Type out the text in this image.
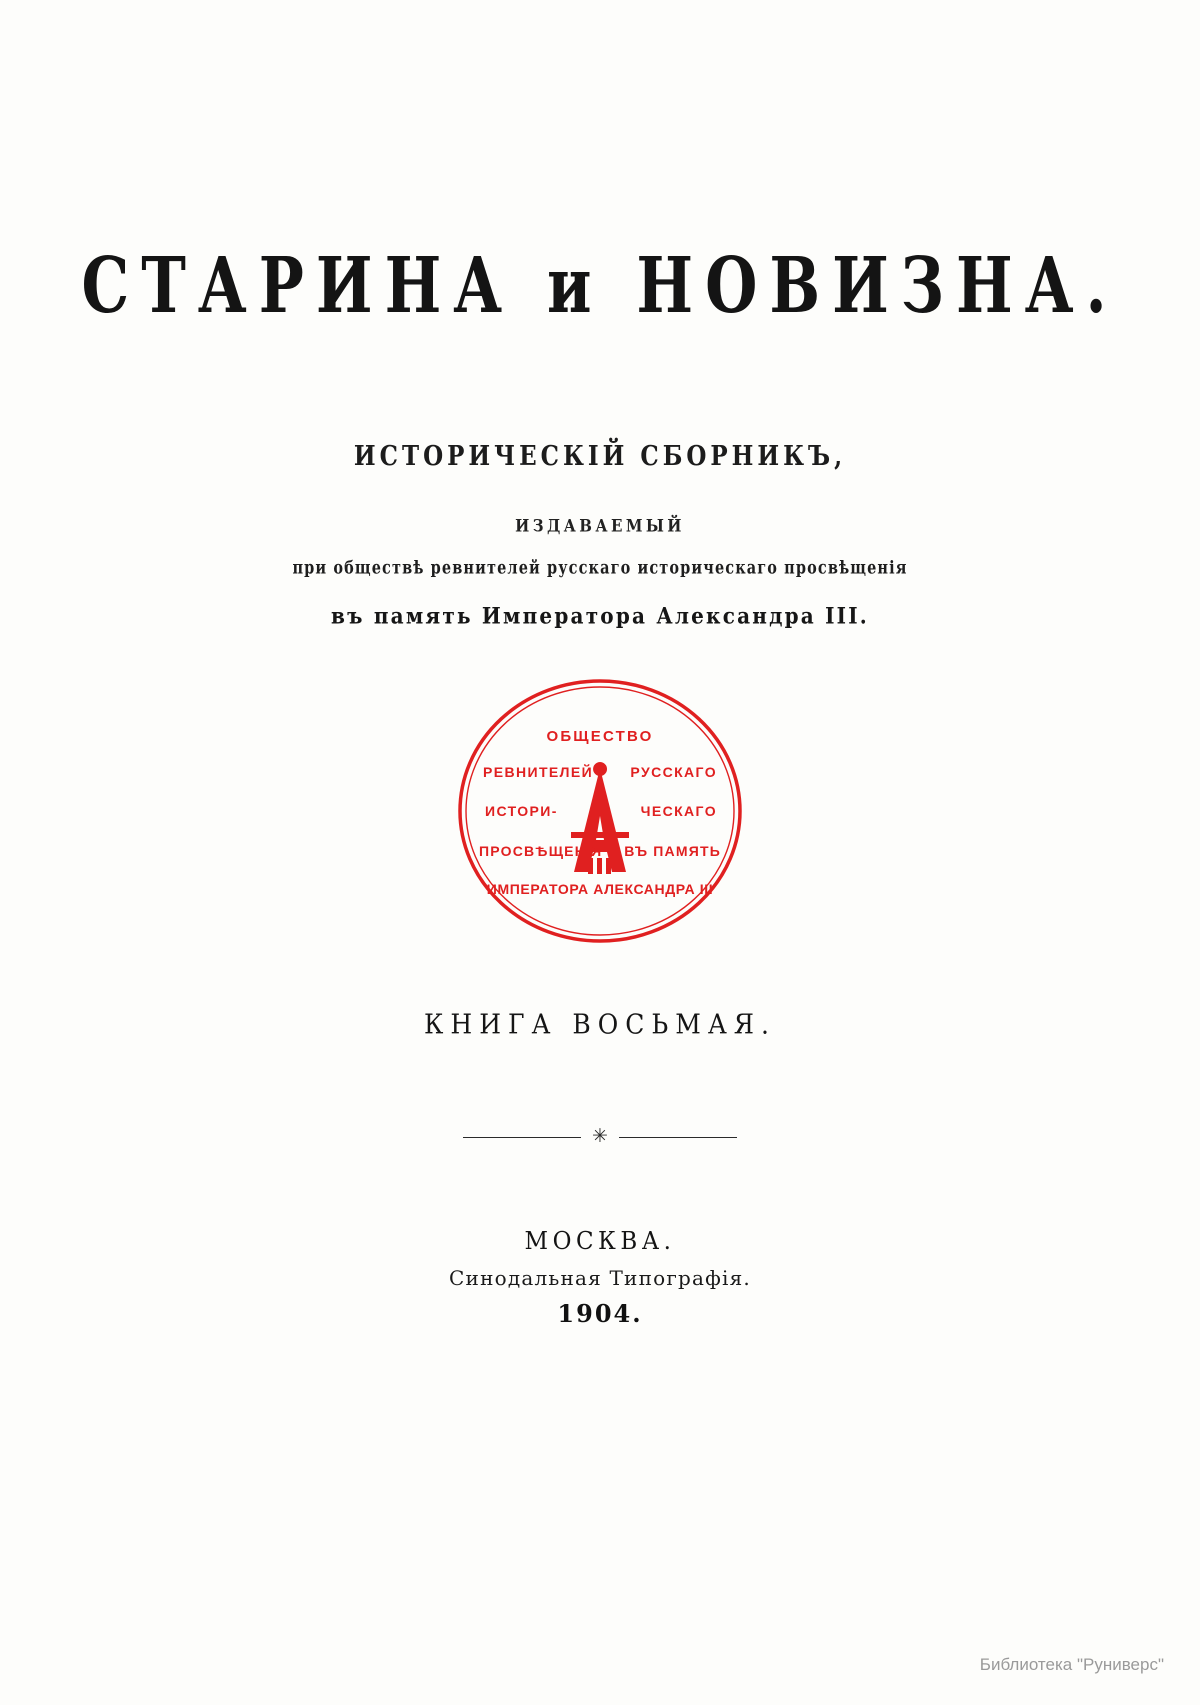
СТАРИНА и НОВИЗНА.
ИСТОРИЧЕСКІЙ СБОРНИКЪ,
ИЗДАВАЕМЫЙ
при обществѣ ревнителей русскаго историческаго просвѣщенія
въ память Императора Александра III.
ОБЩЕСТВО
РЕВНИТЕЛЕЙ	РУССКАГО
ИСТОРИ-	ЧЕСКАГО
ПРОСВѢЩЕНІЯ ВЪ ПАМЯТЬ
ИМПЕРАТОРА АЛЕКСАНДРА III
КНИГА ВОСЬМАЯ.
✳
МОСКВА.
Синодальная Типографія.
1904.
Библиотека "Руниверс"
